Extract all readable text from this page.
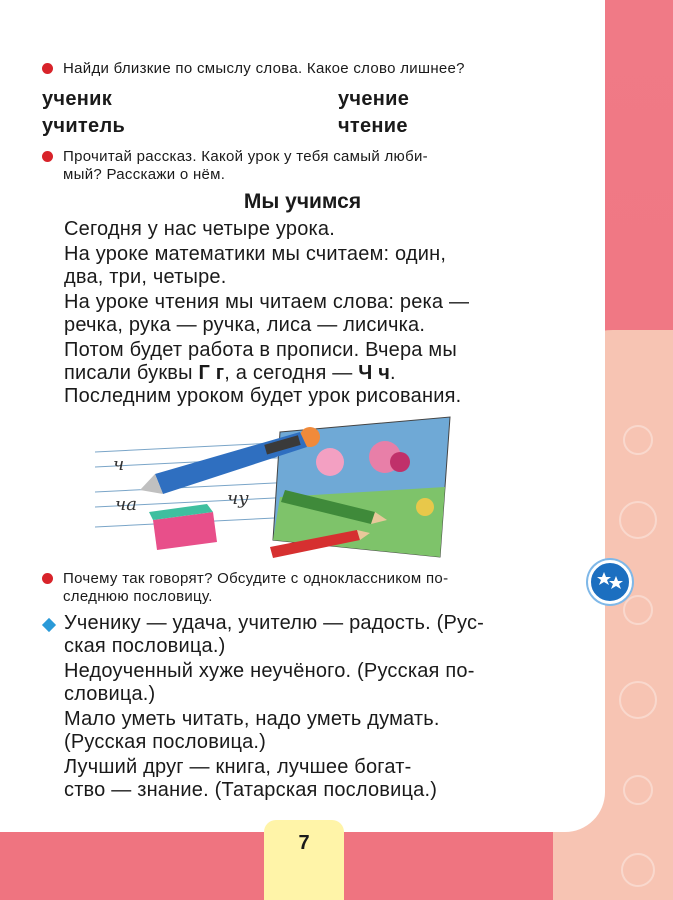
Найди близкие по смыслу слова. Какое слово лишнее?
ученик
учитель
учение
чтение
Прочитай рассказ. Какой урок у тебя самый люби-
мый? Расскажи о нём.
Мы учимся
Сегодня у нас четыре урока.
На уроке математики мы считаем: один,
два, три, четыре.
На уроке чтения мы читаем слова: река —
речка, рука — ручка, лиса — лисичка.
Потом будет работа в прописи. Вчера мы
писали буквы Г г, а сегодня — Ч ч.
Последним уроком будет урок рисования.
ч
ча	чу
Почему так говорят? Обсудите с одноклассником по-
следнюю пословицу.
Ученику — удача, учителю — радость. (Рус-
ская пословица.)
Недоученный хуже неучёного. (Русская по-
словица.)
Мало уметь читать, надо уметь думать.
(Русская пословица.)
Лучший друг — книга, лучшее богат-
ство — знание. (Татарская пословица.)
7
